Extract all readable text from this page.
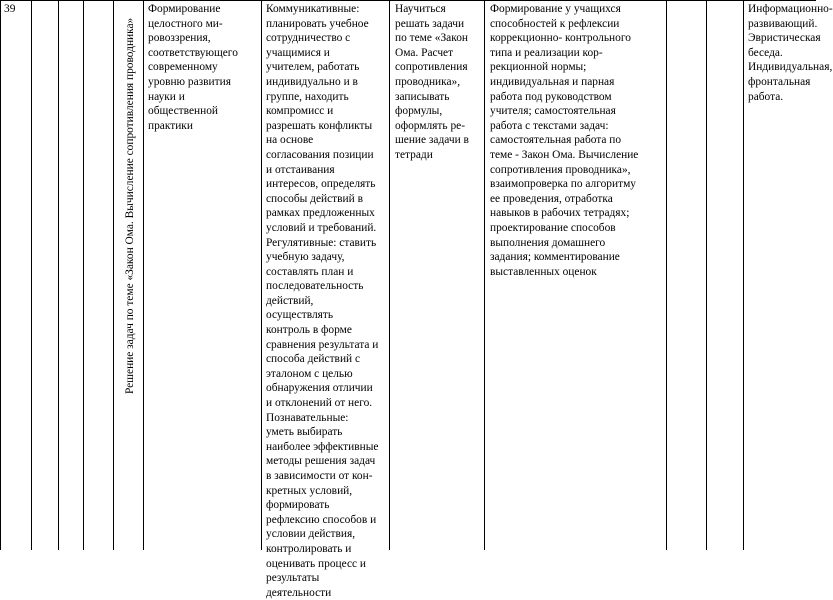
39
Решение задач по теме «Закон Ома. Вычисление сопротивления проводника»
Формирование
целостного ми-
ровоззрения,
соответствующего
современному
уровню развития
науки и
общественной
практики
Коммуникативные:
планировать учебное
сотрудничество с
учащимися и
учителем, работать
индивидуально и в
группе, находить
компромисс и
разрешать конфликты
на основе
согласования позиции
и отстаивания
интересов, определять
способы действий в
рамках предложенных
условий и требований.
Регулятивные: ставить
учебную задачу,
составлять план и
последовательность
действий,
осуществлять
контроль в форме
сравнения результата и
способа действий с
эталоном с целью
обнаружения отличии
и отклонений от него.
Познавательные:
уметь выбирать
наиболее эффективные
методы решения задач
в зависимости от кон-
кретных условий,
формировать
рефлексию способов и
условии действия,
контролировать и
оценивать процесс и
результаты
деятельности
Научиться
решать задачи
по теме «Закон
Ома. Расчет
сопротивления
проводника»,
записывать
формулы,
оформлять ре-
шение задачи в
тетради
Формирование у учащихся
способностей к рефлексии
коррекционно- контрольного
типа и реализации кор-
рекционной нормы;
индивидуальная и парная
работа под руководством
учителя; самостоятельная
работа с текстами задач:
самостоятельная работа по
теме - Закон Ома. Вычисление
сопротивления проводника»,
взаимопроверка по алгоритму
ее проведения, отработка
навыков в рабочих тетрадях;
проектирование способов
выполнения домашнего
задания; комментирование
выставленных оценок
Информационно-
развивающий.
Эвристическая
беседа.
Индивидуальная,
фронтальная
работа.
